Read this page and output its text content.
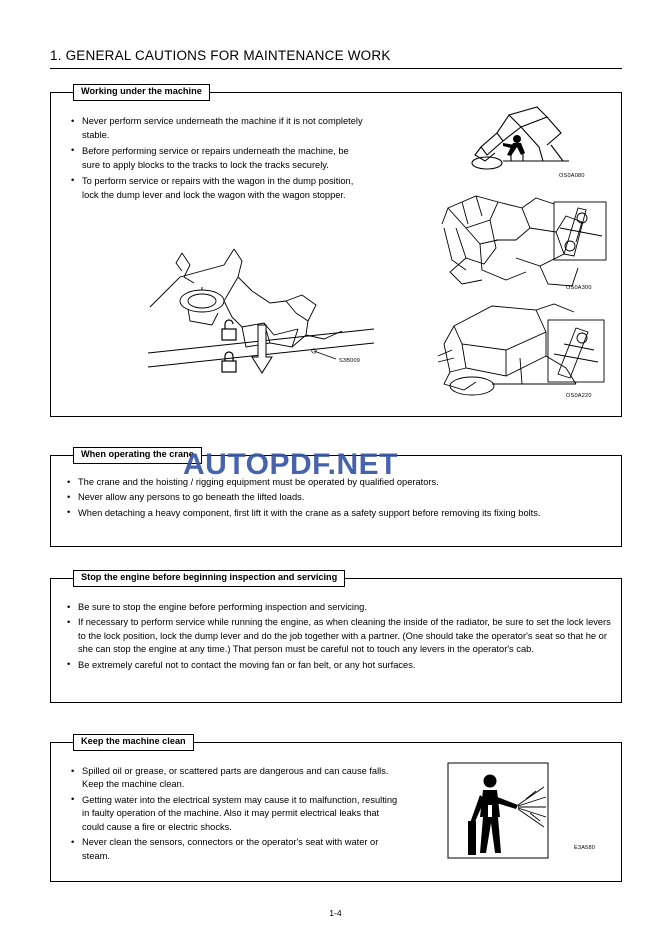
1. GENERAL CAUTIONS FOR MAINTENANCE WORK
Working under the machine
• Never perform service underneath the machine if it is not completely stable.
• Before performing service or repairs underneath the machine, be sure to apply blocks to the tracks to lock the tracks securely.
• To perform service or repairs with the wagon in the dump position, lock the dump lever and lock the wagon with the wagon stopper.
OS0A080
OS0A300
OS0A220
S3B009
When operating the crane
• The crane and the hoisting / rigging equipment must be operated by qualified operators.
• Never allow any persons to go beneath the lifted loads.
• When detaching a heavy component, first lift it with the crane as a safety support before removing its fixing bolts.
Stop the engine before beginning inspection and servicing
• Be sure to stop the engine before performing inspection and servicing.
• If necessary to perform service while running the engine, as when cleaning the inside of the radiator, be sure to set the lock levers to the lock position, lock the dump lever and do the job together with a partner. (One should take the operator's seat so that he or she can stop the engine at any time.) That person must be careful not to touch any levers in the operator's cab.
• Be extremely careful not to contact the moving fan or fan belt, or any hot surfaces.
Keep the machine clean
• Spilled oil or grease, or scattered parts are dangerous and can cause falls. Keep the machine clean.
• Getting water into the electrical system may cause it to malfunction, resulting in faulty operation of the machine. Also it may permit electrical leaks that could cause a fire or electric shocks.
• Never clean the sensors, connectors or the operator's seat with water or steam.
E3A580
AUTOPDF.NET
1-4
